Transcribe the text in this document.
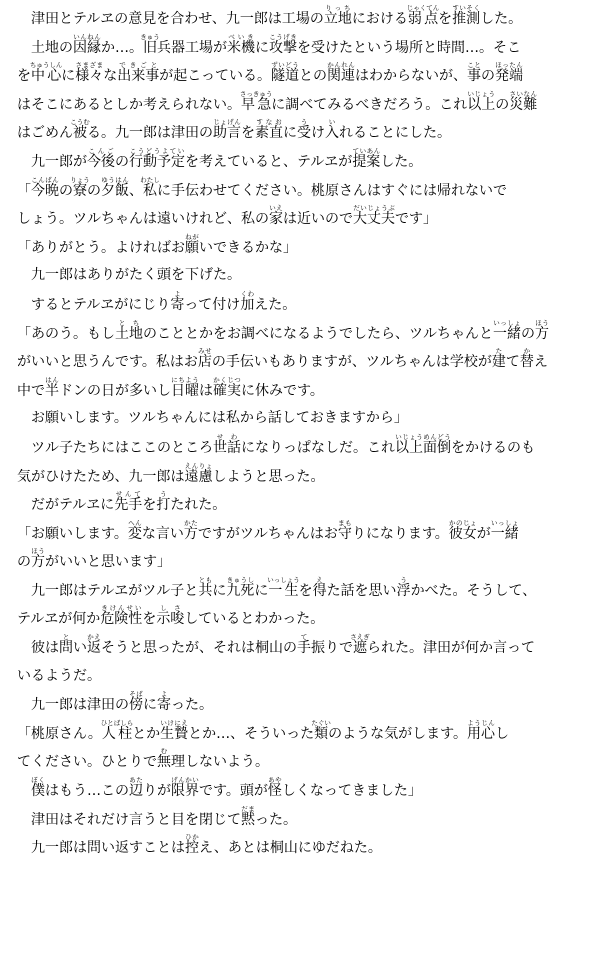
　津田とテルヱの意見を合わせ、九一郎は工場の立地りっちにおける弱点じゃくてんを推測すいそくした。
　土地の因縁いんねんか…。旧きゅう兵器工場が米機べいきに攻撃こうげきを受けたという場所と時間…。そこ
を中心ちゅうしんに様々さまざまな出来事できごとが起こっている。隧道ずいどうとの関連かんれんはわからないが、事ことの発端ほったん
はそこにあるとしか考えられない。早急さっきゅうに調べてみるべきだろう。これ以上いじょうの災難さいなん
はごめん被こうむる。九一郎は津田の助言じょげんを素直すなおに受うけ入いれることにした。
　九一郎が今後こんごの行動予定こうどうよていを考えていると、テルヱが提案ていあんした。
「今晩こんばんの寮りょうの夕飯ゆうはん、私わたしに手伝わせてください。桃原さんはすぐには帰れないで
しょう。ツルちゃんは遠いけれど、私の家いえは近いので大丈夫だいじょうぶです」
「ありがとう。よければお願ねがいできるかな」
　九一郎はありがたく頭を下げた。
　するとテルヱがにじり寄よって付け加くわえた。
「あのう。もし土地とちのこととかをお調べになるようでしたら、ツルちゃんと一緒いっしょの方ほう
がいいと思うんです。私はお店みせの手伝いもありますが、ツルちゃんは学校が建たて替かえ
中で半はんドンの日が多いし日曜にちようは確実かくじつに休みです。
　お願いします。ツルちゃんには私から話しておきますから」
　ツル子たちにはここのところ世話せわになりっぱなしだ。これ以上面倒いじょうめんどうをかけるのも
気がひけたため、九一郎は遠慮えんりょしようと思った。
　だがテルヱに先手せんてを打うたれた。
「お願いします。変へんな言い方かたですがツルちゃんはお守まもりになります。彼女かのじょが一緒いっしょ
の方ほうがいいと思います」
　九一郎はテルヱがツル子と共ともに九死きゅうしに一生いっしょうを得えた話を思い浮うかべた。そうして、
テルヱが何か危険性きけんせいを示唆しさしているとわかった。
　彼は問とい返かえそうと思ったが、それは桐山の手て振りで遮さえぎられた。津田が何か言って
いるようだ。
　九一郎は津田の傍そばに寄よった。
「桃原さん。人柱ひとばしらとか生贄いけにえとか…、そういった類たぐいのような気がします。用心ようじんし
てください。ひとりで無む理しないよう。
　僕ぼくはもう…この辺あたりが限界げんかいです。頭が怪あやしくなってきました」
　津田はそれだけ言うと目を閉じて黙だまった。
　九一郎は問い返すことは控ひかえ、あとは桐山にゆだねた。
